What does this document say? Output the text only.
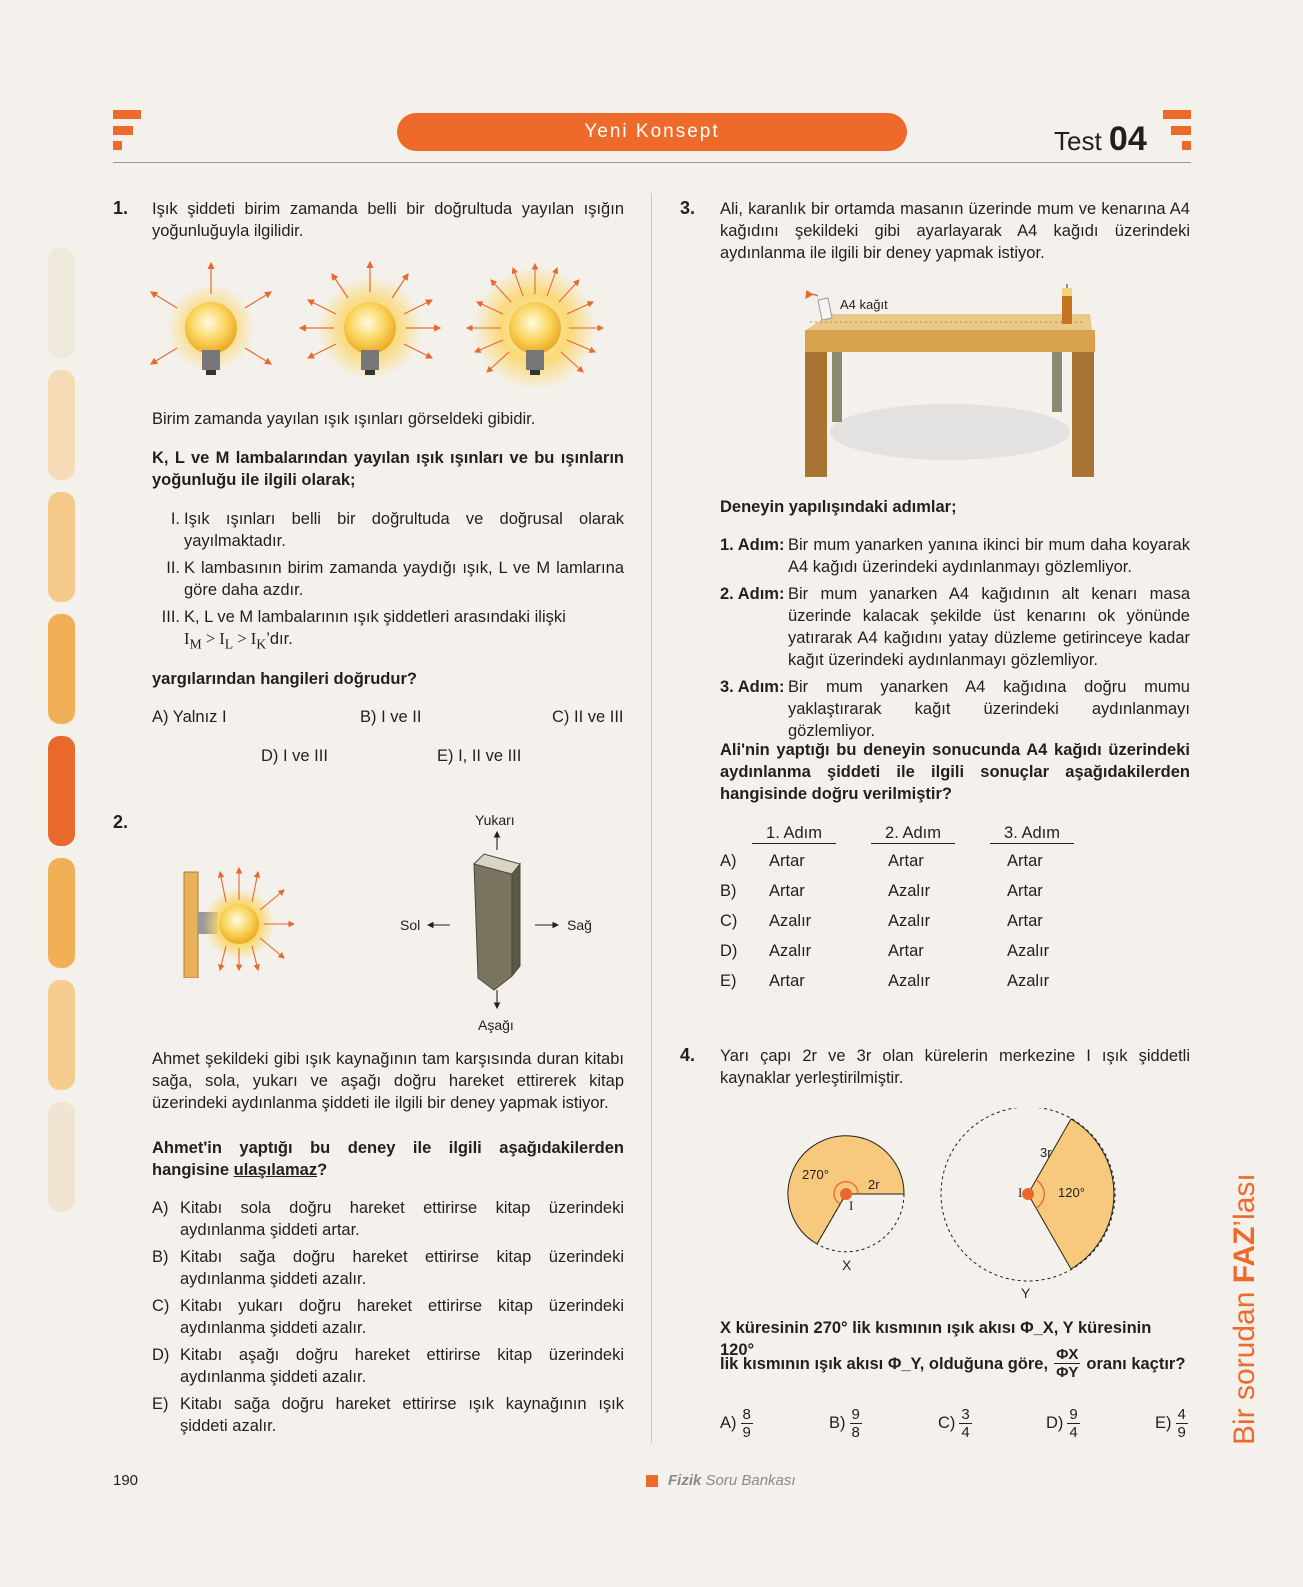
Yeni Konsept	Test 04
1. Işık şiddeti birim zamanda belli bir doğrultuda yayılan ışığın yoğunluğuyla ilgilidir.
Birim zamanda yayılan ışık ışınları görseldeki gibidir.
K, L ve M lambalarından yayılan ışık ışınları ve bu ışınların yoğunluğu ile ilgili olarak;
I. Işık ışınları belli bir doğrultuda ve doğrusal olarak yayılmaktadır.
II. K lambasının birim zamanda yaydığı ışık, L ve M lamlarına göre daha azdır.
III. K, L ve M lambalarının ışık şiddetleri arasındaki ilişki
$I_M > I_L$ > $I_K’dır$.
yargılarından hangileri doğrudur?
A) Yalnız I	B) I ve II	C) II ve III
D) I ve III	E) I, II ve III
2.	Yukarı
Aşağı
Sol	Sağ
Ahmet şekildeki gibi ışık kaynağının tam karşısında duran kitabı sağa, sola, yukarı ve aşağı doğru hareket ettirerek kitap üzerindeki aydınlanma şiddeti ile ilgili bir deney yapmak istiyor.
Ahmet'in yaptığı bu deney ile ilgili aşağıdakilerden hangisine ulaşılamaz?
A) Kitabı sola doğru hareket ettirirse kitap üzerindeki aydınlanma şiddeti artar.
B) Kitabı sağa doğru hareket ettirirse kitap üzerindeki aydınlanma şiddeti azalır.
C) Kitabı yukarı doğru hareket ettirirse kitap üzerindeki aydınlanma şiddeti azalır.
D) Kitabı aşağı doğru hareket ettirirse kitap üzerindeki aydınlanma şiddeti azalır.
E) Kitabı sağa doğru hareket ettirirse ışık kaynağının ışık şiddeti azalır.
3. Ali, karanlık bir ortamda masanın üzerinde mum ve kenarına A4 kağıdını şekildeki gibi ayarlayarak A4 kağıdı üzerindeki aydınlanma ile ilgili bir deney yapmak istiyor.
A4 kağıt
Deneyin yapılışındaki adımlar;
1. Adım: Bir mum yanarken yanına ikinci bir mum daha koyarak A4 kağıdı üzerindeki aydınlanmayı gözlemliyor.
2. Adım: Bir mum yanarken A4 kağıdının alt kenarı masa üzerinde kalacak şekilde üst kenarını ok yönünde yatırarak A4 kağıdını yatay düzleme getirinceye kadar kağıt üzerindeki aydınlanmayı gözlemliyor.
3. Adım: Bir mum yanarken A4 kağıdına doğru mumu yaklaştırarak kağıt üzerindeki aydınlanmayı gözlemliyor.
Ali'nin yaptığı bu deneyin sonucunda A4 kağıdı üzerindeki aydınlanma şiddeti ile ilgili sonuçlar aşağıdakilerden hangisinde doğru verilmiştir?
1. Adım	2. Adım	3. Adım
A) Artar	Artar	Artar
B) Artar	Azalır	Artar
C) Azalır	Azalır	Artar
D) Azalır	Artar	Azalır
E) Artar	Azalır	Azalır
4. Yarı çapı 2r ve 3r olan kürelerin merkezine I ışık şiddetli kaynaklar yerleştirilmiştir.
270°
2r
I
X
3r
I	120°
Y
X küresinin 270° lik kısmının ışık akısı Φ_X, Y küresinin 120°
lik kısmının ışık akısı Φ_Y, olduğuna göre, $\frac{\Phi X}{\Phi Y}$ oranı kaçtır?
$A) \frac{8}{9}$	$B) \frac{9}{8}$	$C) \frac{3}{4}$	$D) \frac{9}{4}$	$E) \frac{4}{9}$ Bir sorudan FAZ’lası
190	Fizik Soru Bankası
